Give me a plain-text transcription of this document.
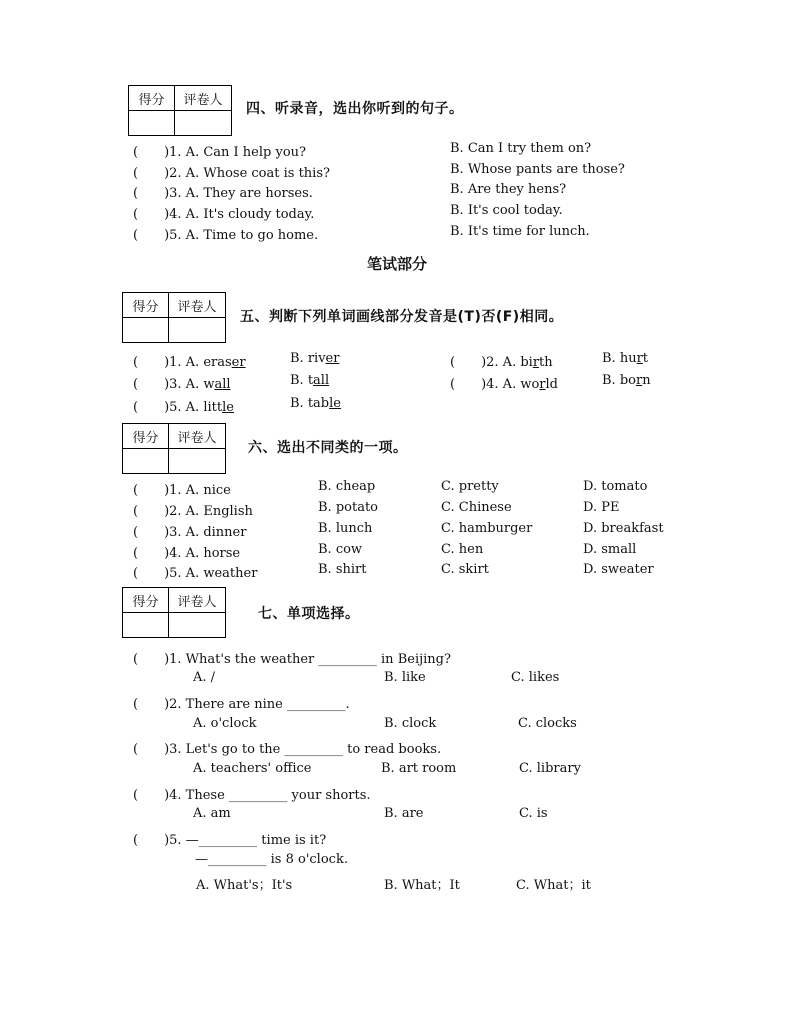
得分	评卷人

四、听录音，选出你听到的句子。
(　　)1. A. Can I help you?	B. Can I try them on?
(　　)2. A. Whose coat is this?	B. Whose pants are those?
(　　)3. A. They are horses.	B. Are they hens?
(　　)4. A. It's cloudy today.	B. It's cool today.
(　　)5. A. Time to go home.	B. It's time for lunch.
笔试部分
得分	评卷人

五、判断下列单词画线部分发音是(T)否(F)相同。
(　　)1. A. eraser	B. river	(　　)2. A. birth	B. hurt
(　　)3. A. wall	B. tall	(　　)4. A. world	B. born
(　　)5. A. little	B. table
得分	评卷人

六、选出不同类的一项。
(　　)1. A. nice	B. cheap	C. pretty	D. tomato
(　　)2. A. English	B. potato	C. Chinese	D. PE
(　　)3. A. dinner	B. lunch	C. hamburger	D. breakfast
(　　)4. A. horse	B. cow	C. hen	D. small
(　　)5. A. weather	B. shirt	C. skirt	D. sweater
得分	评卷人

七、单项选择。
(　　)1. What's the weather _________ in Beijing?
A. /	B. like	C. likes
(　　)2. There are nine _________.
A. o'clock	B. clock	C. clocks
(　　)3. Let's go to the _________ to read books.
A. teachers' office	B. art room	C. library
(　　)4. These _________ your shorts.
A. am	B. are	C. is
(　　)5. —_________ time is it?
—_________ is 8 o'clock.
A. What's；It's	B. What；It	C. What；it
